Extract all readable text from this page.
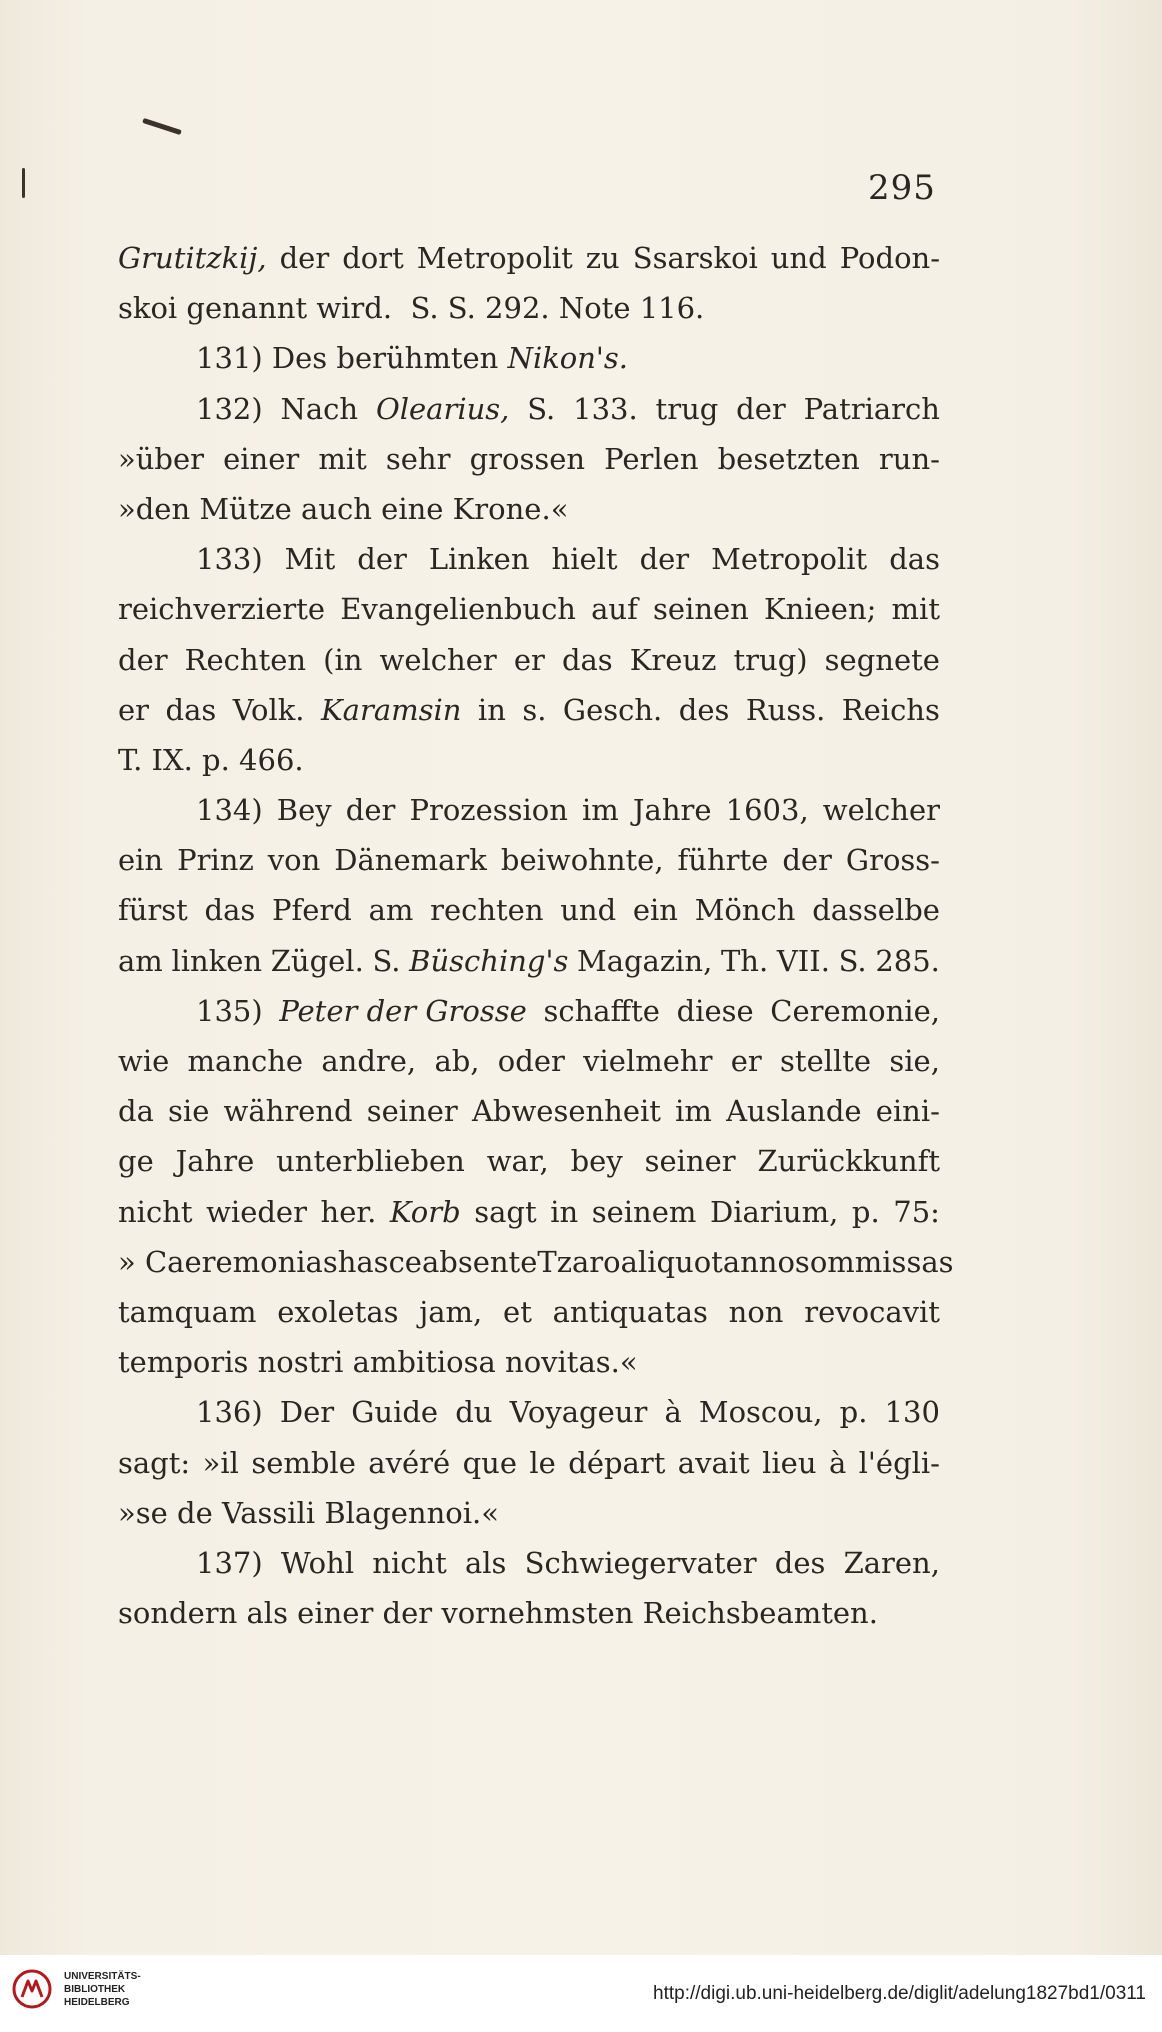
295
Grutitzkij, der dort Metropolit zu Ssarskoi und Podon-
skoi genannt wird.  S. S. 292. Note 116.
131) Des berühmten Nikon's.
132) Nach Olearius, S. 133. trug der Patriarch
»über einer mit sehr grossen Perlen besetzten run-
»den Mütze auch eine Krone.«
133) Mit der Linken hielt der Metropolit das
reichverzierte Evangelienbuch auf seinen Knieen; mit
der Rechten (in welcher er das Kreuz trug) segnete
er das Volk. Karamsin in s. Gesch. des Russ. Reichs
T. IX. p. 466.
134) Bey der Prozession im Jahre 1603, welcher
ein Prinz von Dänemark beiwohnte, führte der Gross-
fürst das Pferd am rechten und ein Mönch dasselbe
am linken Zügel. S. Büsching's Magazin, Th. VII. S. 285.
135) Peter der Grosse schaffte diese Ceremonie,
wie manche andre, ab, oder vielmehr er stellte sie,
da sie während seiner Abwesenheit im Auslande eini-
ge Jahre unterblieben war, bey seiner Zurückkunft
nicht wieder her. Korb sagt in seinem Diarium, p. 75:
» Caeremonias hasce absente Tzaro aliquot annos ommissas
tamquam exoletas jam, et antiquatas non revocavit
temporis nostri ambitiosa novitas.«
136) Der Guide du Voyageur à Moscou, p. 130
sagt: »il semble avéré que le départ avait lieu à l'égli-
»se de Vassili Blagennoi.«
137) Wohl nicht als Schwiegervater des Zaren,
sondern als einer der vornehmsten Reichsbeamten.
UNIVERSITÄTS-
BIBLIOTHEK
HEIDELBERG	http://digi.ub.uni-heidelberg.de/diglit/adelung1827bd1/0311
